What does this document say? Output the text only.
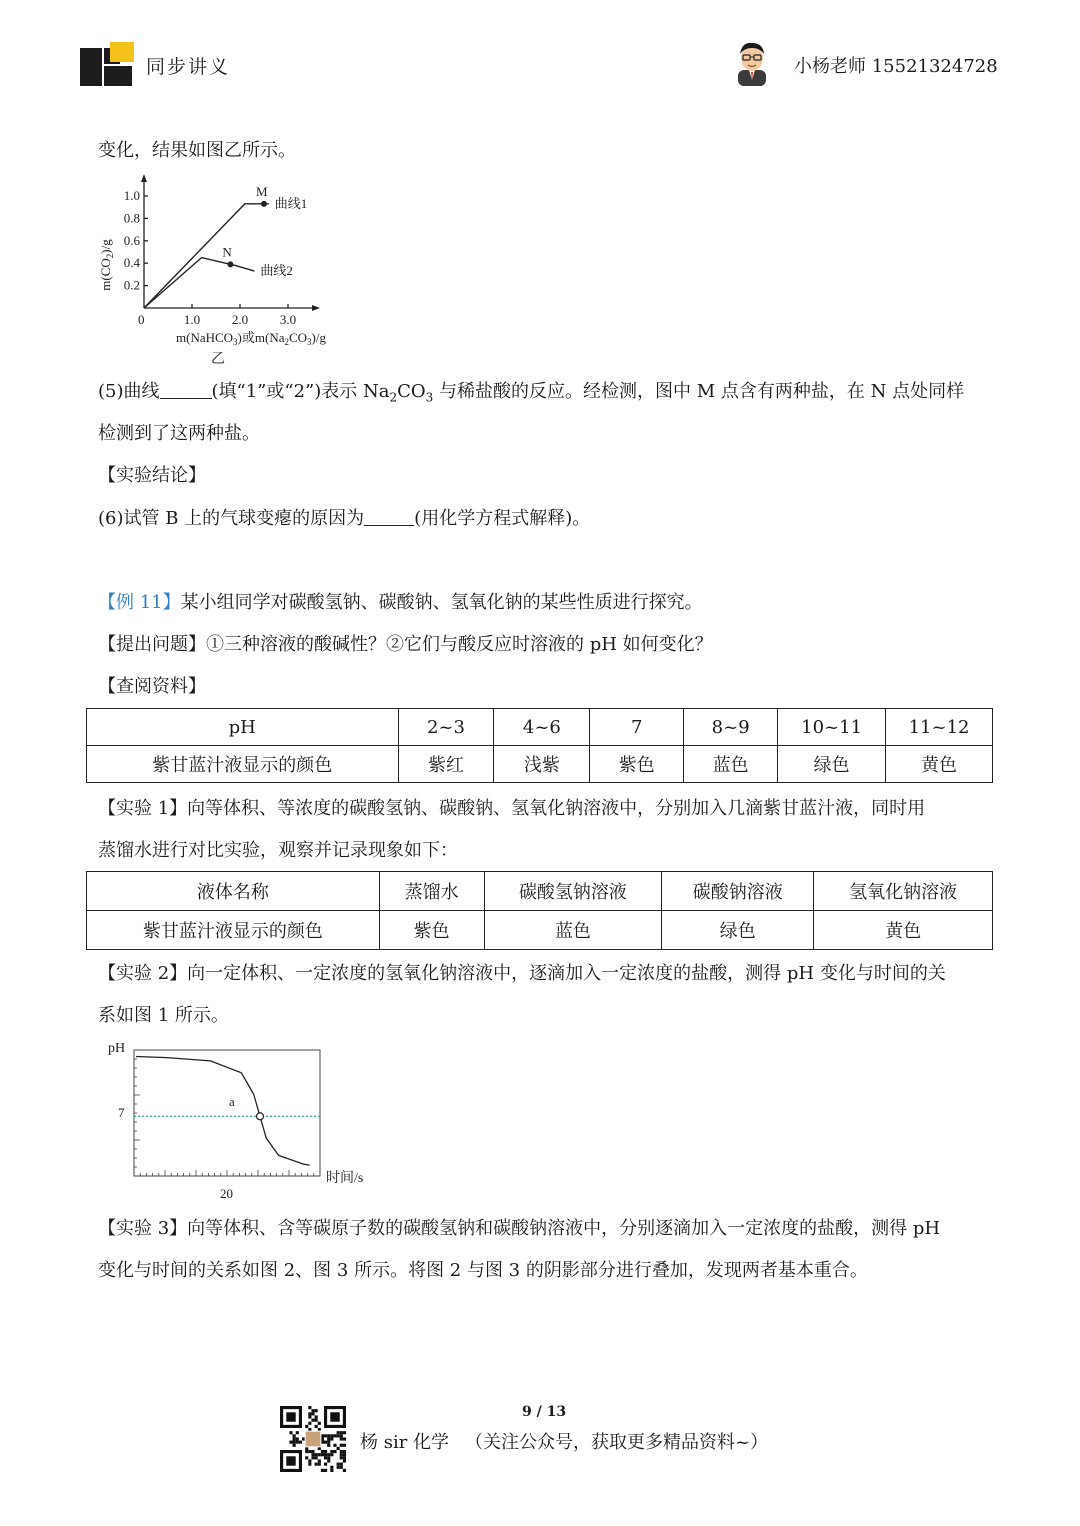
同步讲义	小杨老师 15521324728
变化，结果如图乙所示。
0	1.0 2.0 3.0
0.2
0.4
0.6
0.8
1.0	M
曲线1
N
曲线2
$m(CO_2)/g$
m(NaHCO$_3$)或$m(Na_2CO_3)/g$
乙
(5)曲线	(填“1”或“2”)表示 $Na_2CO_3$ 与稀盐酸的反应。经检测，图中 M 点含有两种盐，在 N 点处同样
检测到了这两种盐。
【实验结论】
(6)试管 B 上的气球变瘪的原因为	(用化学方程式解释)。
【例 11】某小组同学对碳酸氢钠、碳酸钠、氢氧化钠的某些性质进行探究。
【提出问题】①三种溶液的酸碱性？②它们与酸反应时溶液的 pH 如何变化？
【查阅资料】
pH	2~3	4~6	7	8~9	10~11	11~12
紫甘蓝汁液显示的颜色	紫红	浅紫	紫色	蓝色	绿色	黄色
【实验 1】向等体积、等浓度的碳酸氢钠、碳酸钠、氢氧化钠溶液中，分别加入几滴紫甘蓝汁液，同时用
蒸馏水进行对比实验，观察并记录现象如下：
液体名称	蒸馏水	碳酸氢钠溶液	碳酸钠溶液	氢氧化钠溶液
紫甘蓝汁液显示的颜色	紫色	蓝色	绿色	黄色
【实验 2】向一定体积、一定浓度的氢氧化钠溶液中，逐滴加入一定浓度的盐酸，测得 pH 变化与时间的关
系如图 1 所示。
pH
时间/s
7
20
a
【实验 3】向等体积、含等碳原子数的碳酸氢钠和碳酸钠溶液中，分别逐滴加入一定浓度的盐酸，测得 pH
变化与时间的关系如图 2、图 3 所示。将图 2 与图 3 的阴影部分进行叠加，发现两者基本重合。
9 / 13
杨 sir 化学 （关注公众号，获取更多精品资料~）
